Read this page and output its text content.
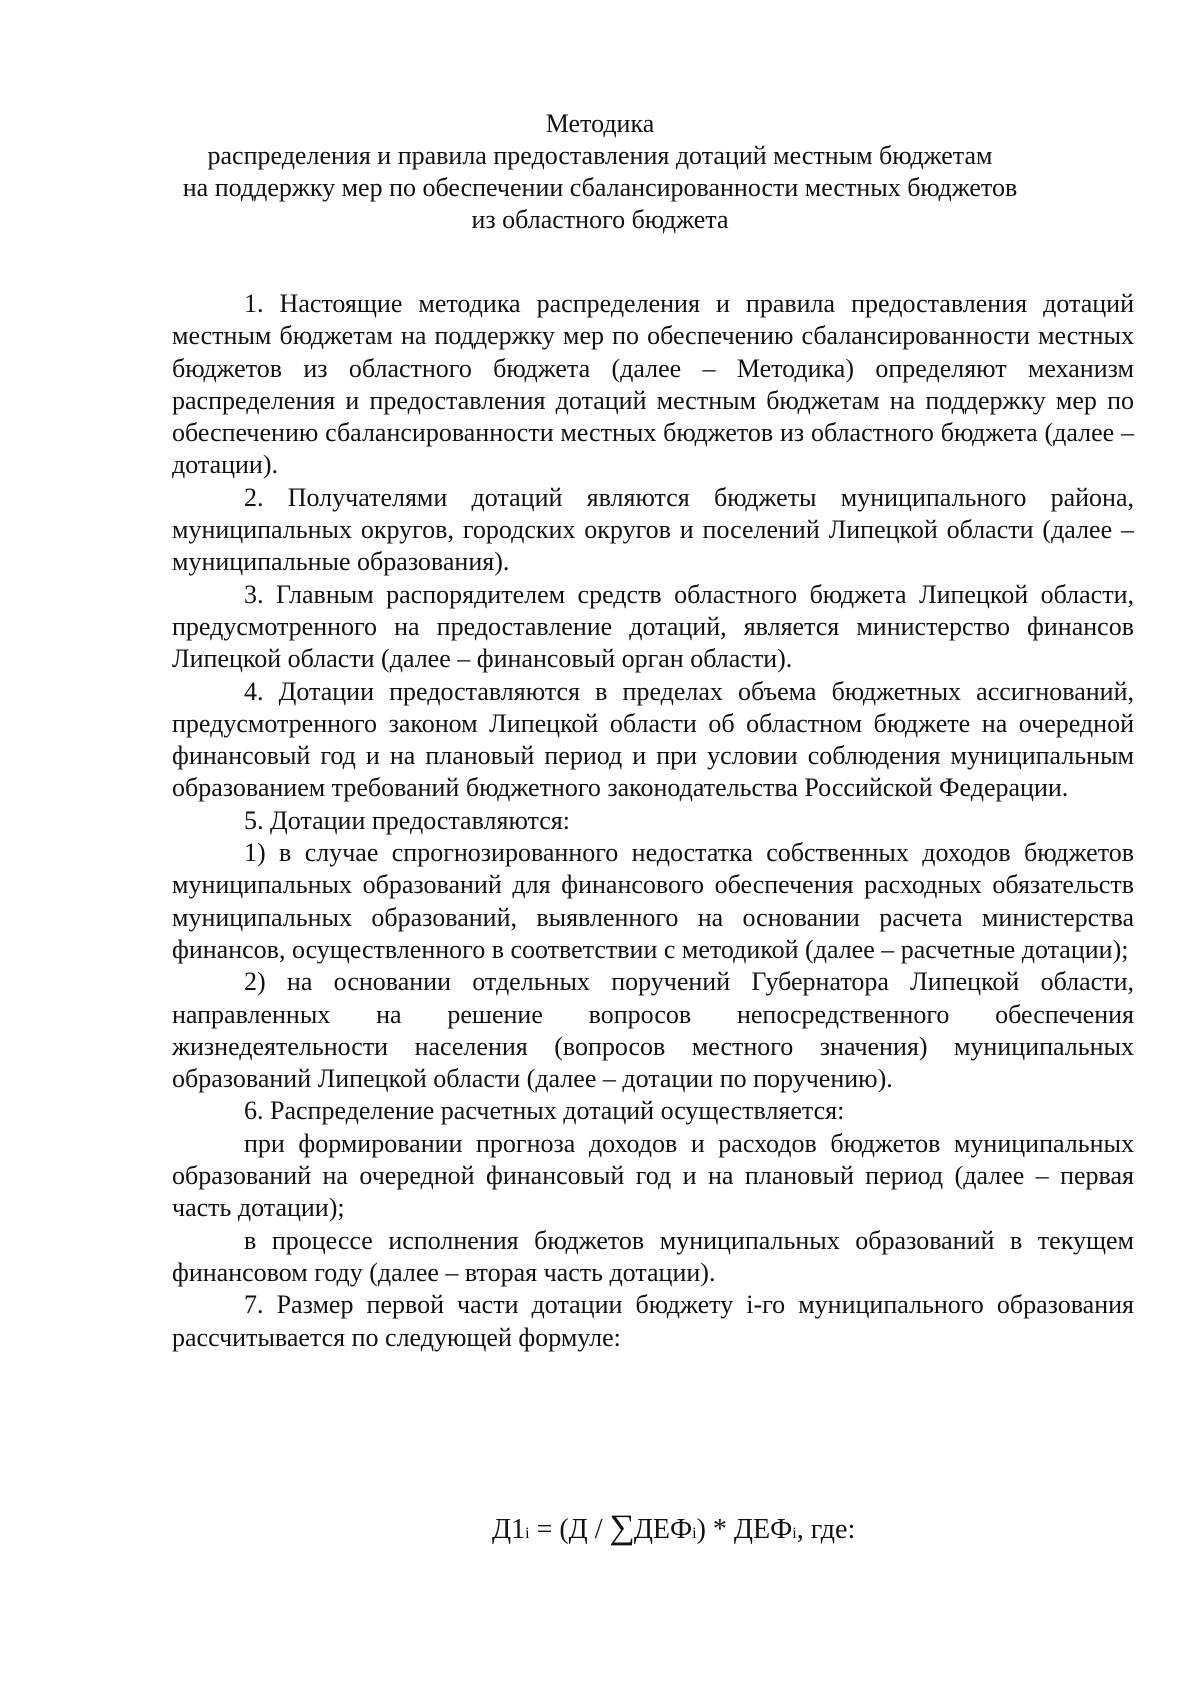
Методика
распределения и правила предоставления дотаций местным бюджетам
на поддержку мер по обеспечении сбалансированности местных бюджетов
из областного бюджета

1. Настоящие методика распределения и правила предоставления дотаций местным бюджетам на поддержку мер по обеспечению сбалансированности местных бюджетов из областного бюджета (далее – Методика) определяют механизм распределения и предоставления дотаций местным бюджетам на поддержку мер по обеспечению сбалансированности местных бюджетов из областного бюджета (далее – дотации).

2. Получателями дотаций являются бюджеты муниципального района, муниципальных округов, городских округов и поселений Липецкой области (далее – муниципальные образования).

3. Главным распорядителем средств областного бюджета Липецкой области, предусмотренного на предоставление дотаций, является министерство финансов Липецкой области (далее – финансовый орган области).

4. Дотации предоставляются в пределах объема бюджетных ассигнований, предусмотренного законом Липецкой области об областном бюджете на очередной финансовый год и на плановый период и при условии соблюдения муниципальным образованием требований бюджетного законодательства Российской Федерации.

5. Дотации предоставляются:

1) в случае спрогнозированного недостатка собственных доходов бюджетов муниципальных образований для финансового обеспечения расходных обязательств муниципальных образований, выявленного на основании расчета министерства финансов, осуществленного в соответствии с методикой (далее – расчетные дотации);

2) на основании отдельных поручений Губернатора Липецкой области, направленных на решение вопросов непосредственного обеспечения жизнедеятельности населения (вопросов местного значения) муниципальных образований Липецкой области (далее – дотации по поручению).

6. Распределение расчетных дотаций осуществляется:

при формировании прогноза доходов и расходов бюджетов муниципальных образований на очередной финансовый год и на плановый период (далее – первая часть дотации);

в процессе исполнения бюджетов муниципальных образований в текущем финансовом году (далее – вторая часть дотации).

7. Размер первой части дотации бюджету i-го муниципального образования рассчитывается по следующей формуле:

Д1 i = (Д / ∑ ДЕФ i ) * ДЕФ i , где:
